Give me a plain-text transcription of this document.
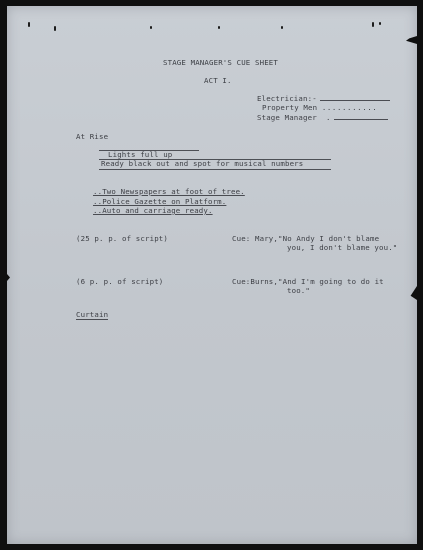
STAGE MANAGER'S CUE SHEET

ACT I.

Electrician:-

Property Men ...........

Stage Manager .

At Rise

Lights full up

Ready black out and spot for musical numbers

..Two Newspapers at foot of tree.

..Police Gazette on Platform.

..Auto and carriage ready.

(25 p. p. of script)	Cue: Mary,"No Andy I don't blame

you, I don't blame you."

(6 p. p. of script)	Cue:Burns,"And I'm going to do it

too."

Curtain
